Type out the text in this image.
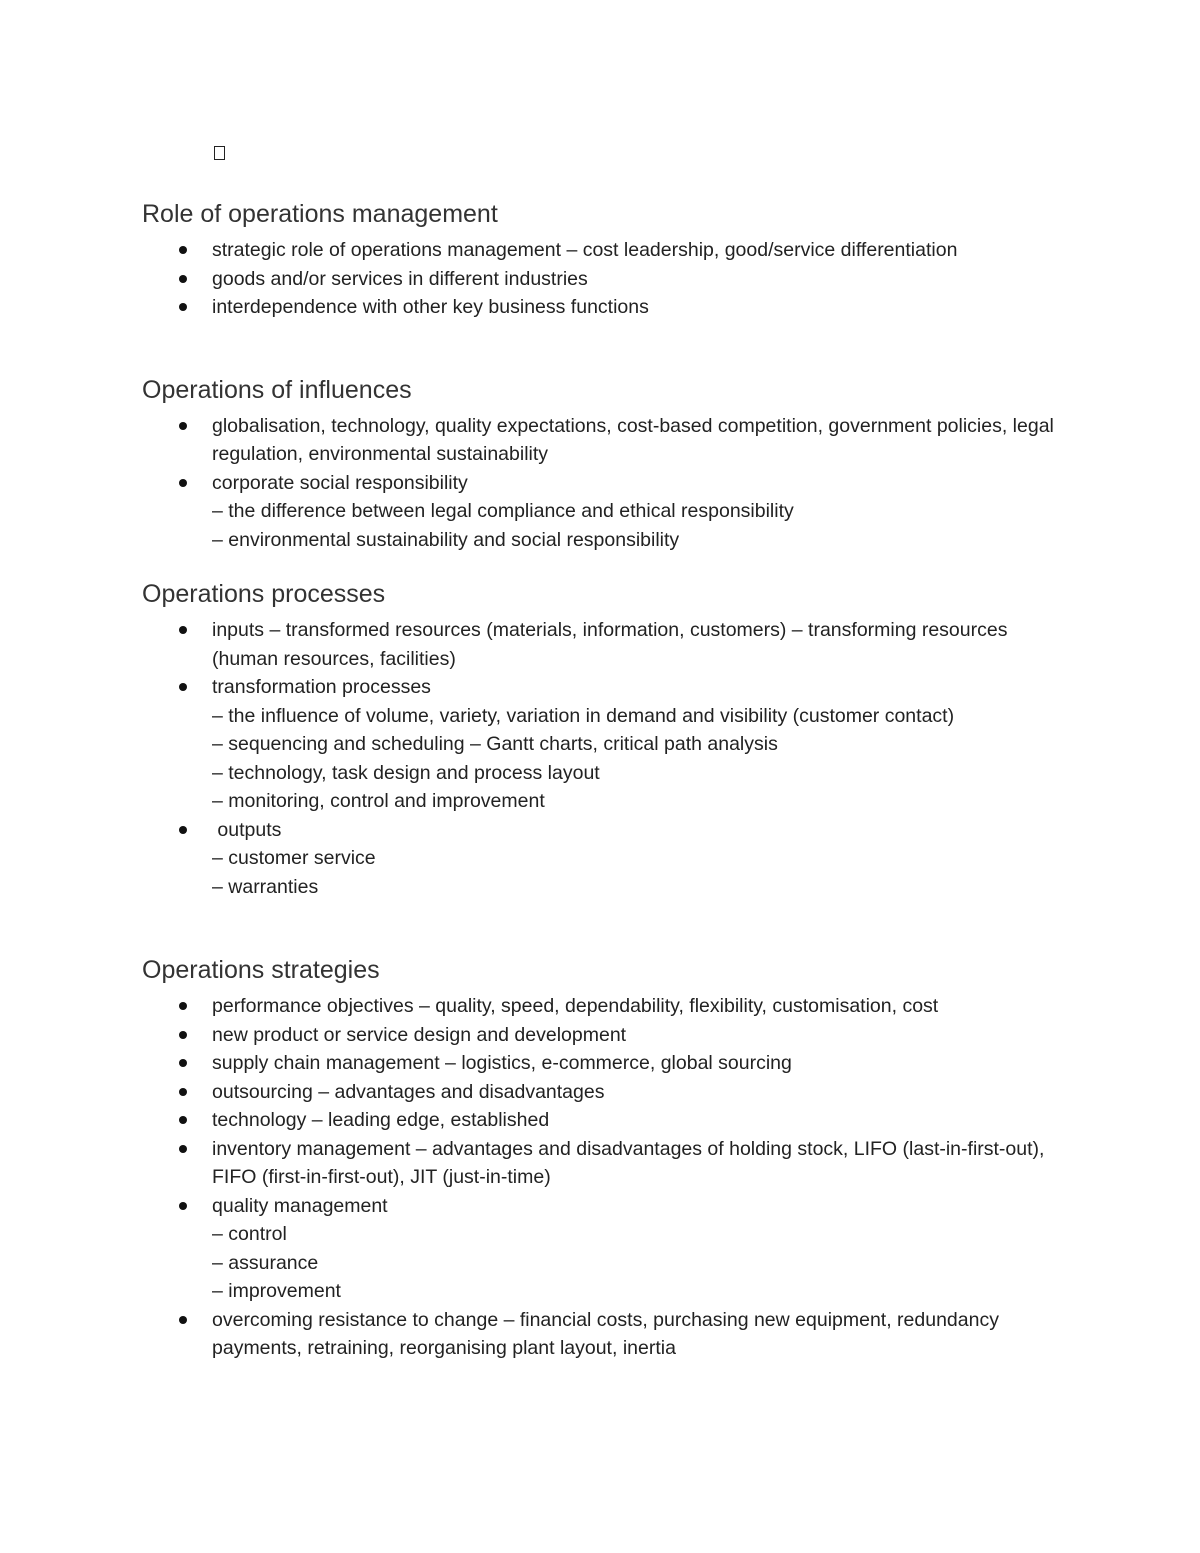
Role of operations management
strategic role of operations management – cost leadership, good/service differentiation
goods and/or services in different industries
interdependence with other key business functions
Operations of influences
globalisation, technology, quality expectations, cost-based competition, government policies, legal regulation, environmental sustainability
corporate social responsibility
– the difference between legal compliance and ethical responsibility
– environmental sustainability and social responsibility
Operations processes
inputs – transformed resources (materials, information, customers) – transforming resources (human resources, facilities)
transformation processes
– the influence of volume, variety, variation in demand and visibility (customer contact)
– sequencing and scheduling – Gantt charts, critical path analysis
– technology, task design and process layout
– monitoring, control and improvement
outputs
– customer service
– warranties
Operations strategies
performance objectives – quality, speed, dependability, flexibility, customisation, cost
new product or service design and development
supply chain management – logistics, e-commerce, global sourcing
outsourcing – advantages and disadvantages
technology – leading edge, established
inventory management – advantages and disadvantages of holding stock, LIFO (last-in-first-out), FIFO (first-in-first-out), JIT (just-in-time)
quality management
– control
– assurance
– improvement
overcoming resistance to change – financial costs, purchasing new equipment, redundancy payments, retraining, reorganising plant layout, inertia
